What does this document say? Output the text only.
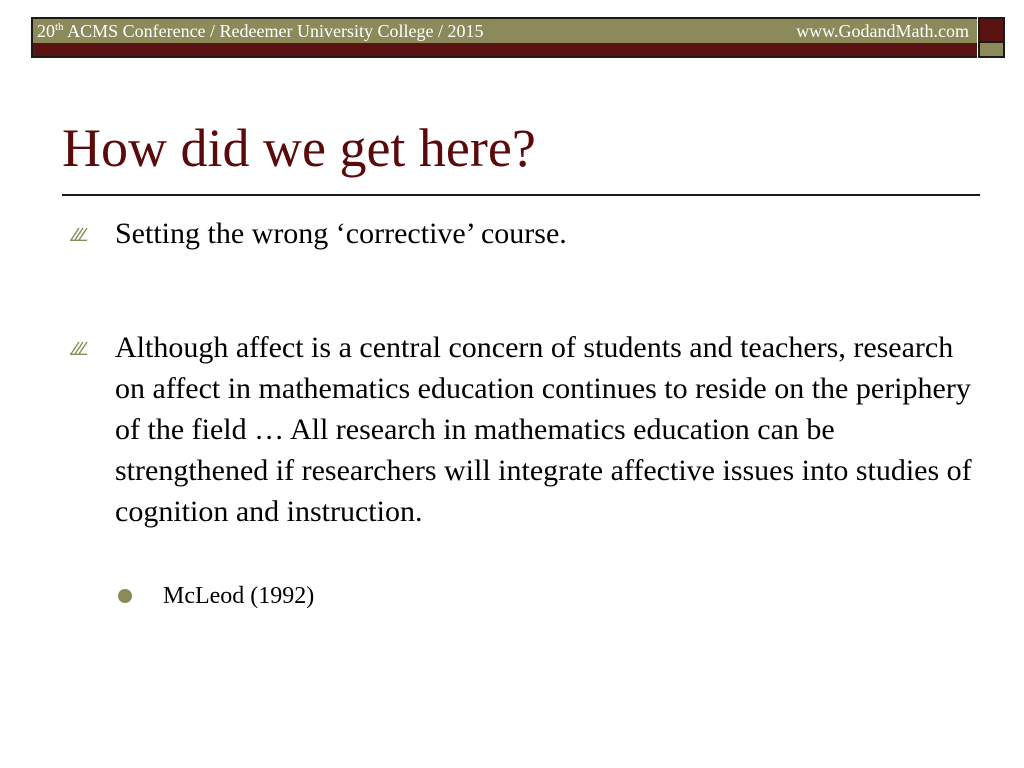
20th ACMS Conference / Redeemer University College / 2015	www.GodandMath.com
How did we get here?
Setting the wrong ‘corrective’ course.
Although affect is a central concern of students and teachers, research on affect in mathematics education continues to reside on the periphery of the field … All research in mathematics education can be strengthened if researchers will integrate affective issues into studies of cognition and instruction.
McLeod (1992)
